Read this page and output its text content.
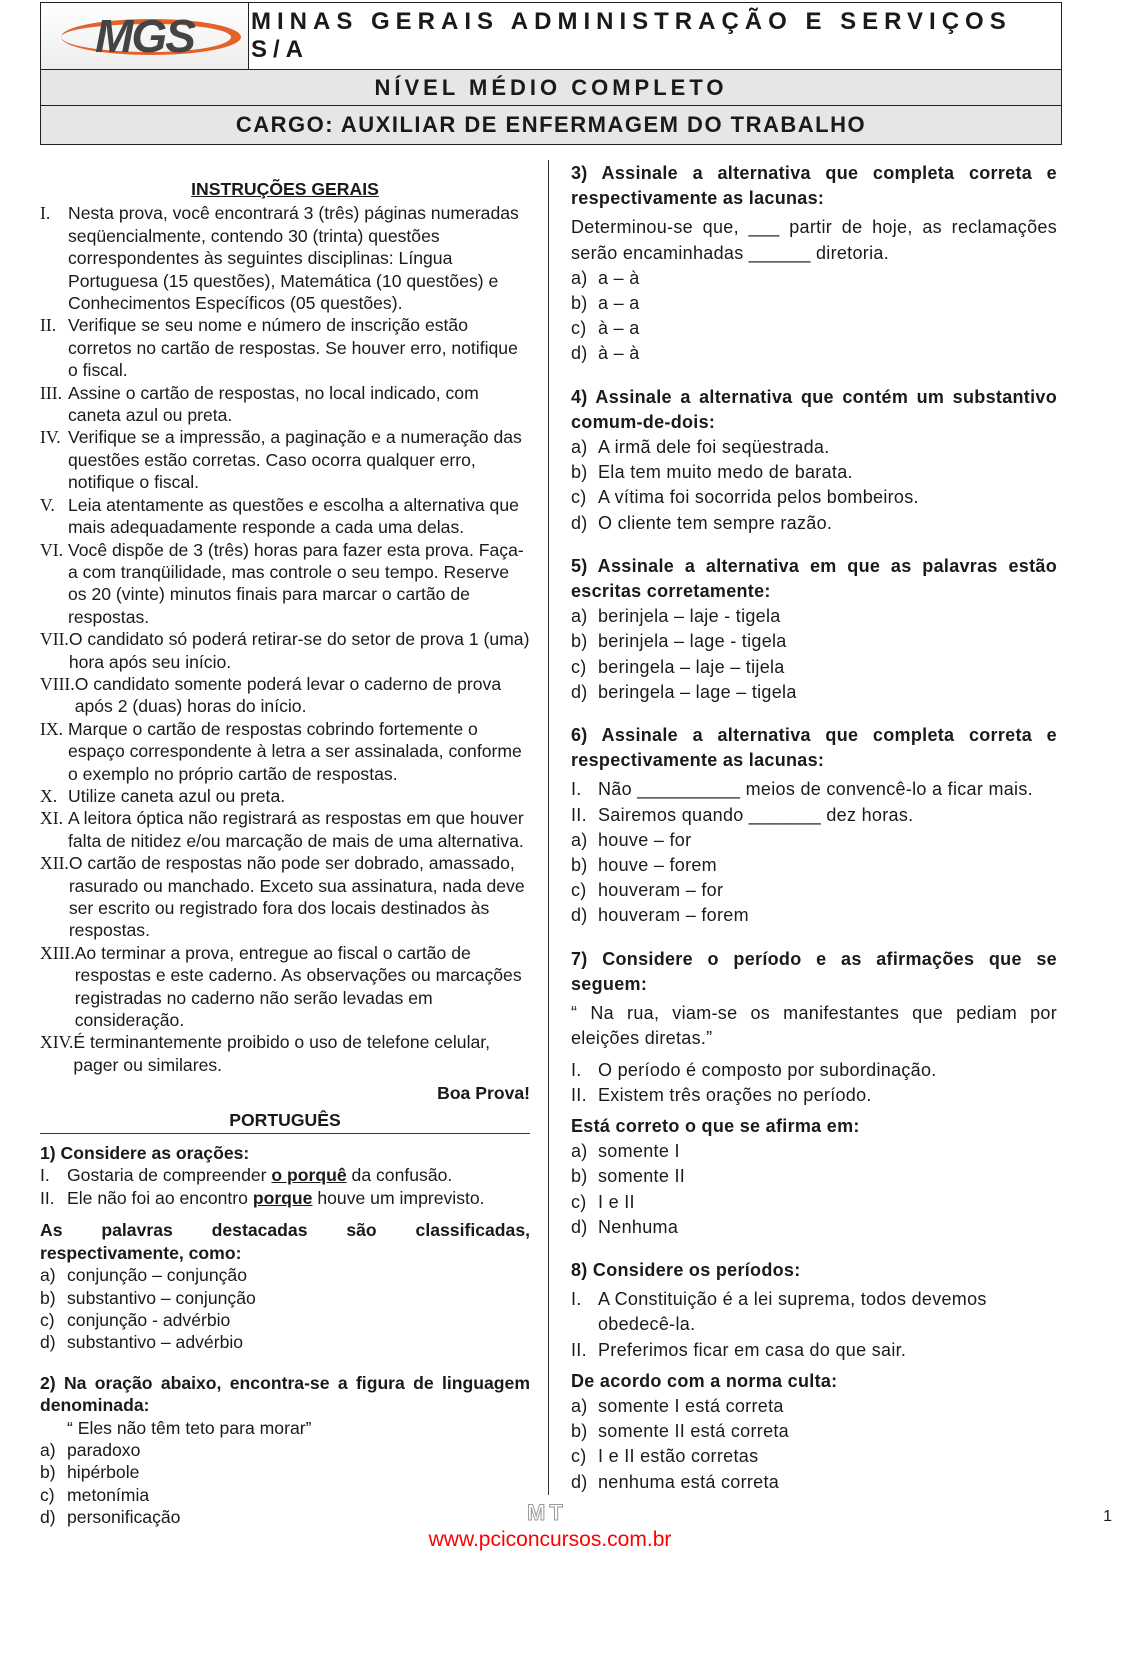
MGS MINAS GERAIS ADMINISTRAÇÃO E SERVIÇOS S/A
NÍVEL MÉDIO COMPLETO
CARGO: AUXILIAR DE ENFERMAGEM DO TRABALHO
INSTRUÇÕES GERAIS
I.	Nesta prova, você encontrará 3 (três) páginas numeradas seqüencialmente, contendo 30 (trinta) questões correspondentes às seguintes disciplinas: Língua Portuguesa (15 questões), Matemática (10 questões) e Conhecimentos Específicos (05 questões).
II. Verifique se seu nome e número de inscrição estão corretos no cartão de respostas. Se houver erro, notifique o fiscal.
III. Assine o cartão de respostas, no local indicado, com caneta azul ou preta.
IV. Verifique se a impressão, a paginação e a numeração das questões estão corretas. Caso ocorra qualquer erro, notifique o fiscal.
V. Leia atentamente as questões e escolha a alternativa que mais adequadamente responde a cada uma delas.
VI. Você dispõe de 3 (três) horas para fazer esta prova. Faça-a com tranqüilidade, mas controle o seu tempo. Reserve os 20 (vinte) minutos finais para marcar o cartão de respostas.
VII. O candidato só poderá retirar-se do setor de prova 1 (uma) hora após seu início.
VIII. O candidato somente poderá levar o caderno de prova após 2 (duas) horas do início.
IX. Marque o cartão de respostas cobrindo fortemente o espaço correspondente à letra a ser assinalada, conforme o exemplo no próprio cartão de respostas.
X. Utilize caneta azul ou preta.
XI. A leitora óptica não registrará as respostas em que houver falta de nitidez e/ou marcação de mais de uma alternativa.
XII. O cartão de respostas não pode ser dobrado, amassado, rasurado ou manchado. Exceto sua assinatura, nada deve ser escrito ou registrado fora dos locais destinados às respostas.
XIII. Ao terminar a prova, entregue ao fiscal o cartão de respostas e este caderno. As observações ou marcações registradas no caderno não serão levadas em consideração.
XIV. É terminantemente proibido o uso de telefone celular, pager ou similares.
Boa Prova!
PORTUGUÊS
1) Considere as orações:
I. Gostaria de compreender o porquê da confusão.
II. Ele não foi ao encontro porque houve um imprevisto.
As palavras destacadas são classificadas, respectivamente, como:
a) conjunção – conjunção
b) substantivo – conjunção
c) conjunção - advérbio
d) substantivo – advérbio
2) Na oração abaixo, encontra-se a figura de linguagem denominada:
“ Eles não têm teto para morar”
a) paradoxo
b) hipérbole
c) metonímia
d) personificação
3) Assinale a alternativa que completa correta e respectivamente as lacunas:
Determinou-se que, ___ partir de hoje, as reclamações serão encaminhadas ______ diretoria.
a) a – à
b) a – a
c) à – a
d) à – à
4) Assinale a alternativa que contém um substantivo comum-de-dois:
a) A irmã dele foi seqüestrada.
b) Ela tem muito medo de barata.
c) A vítima foi socorrida pelos bombeiros.
d) O cliente tem sempre razão.
5) Assinale a alternativa em que as palavras estão escritas corretamente:
a) berinjela – laje - tigela
b) berinjela – lage - tigela
c) beringela – laje – tijela
d) beringela – lage – tigela
6) Assinale a alternativa que completa correta e respectivamente as lacunas:
I. Não __________ meios de convencê-lo a ficar mais.
II. Sairemos quando _______ dez horas.
a) houve – for
b) houve – forem
c) houveram – for
d) houveram – forem
7) Considere o período e as afirmações que se seguem:
“ Na rua, viam-se os manifestantes que pediam por eleições diretas.”
I. O período é composto por subordinação.
II. Existem três orações no período.
Está correto o que se afirma em:
a) somente I
b) somente II
c) I e II
d) Nenhuma
8) Considere os períodos:
I. A Constituição é a lei suprema, todos devemos obedecê-la.
II. Preferimos ficar em casa do que sair.
De acordo com a norma culta:
a) somente I está correta
b) somente II está correta
c) I e II estão corretas
d) nenhuma está correta
MT	1
www.pciconcursos.com.br
